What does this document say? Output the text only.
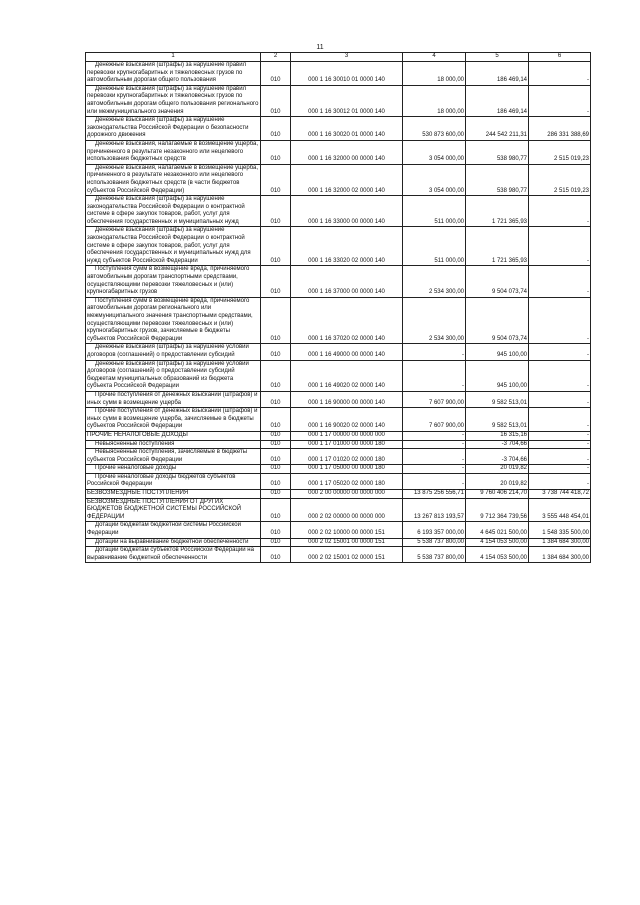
11
1	2	3	4	5	6
Денежные взыскания (штрафы) за нарушение правил перевозки крупногабаритных и тяжеловесных грузов по автомобильным дорогам общего пользования	010	000 1 16 30010 01 0000 140	18 000,00	186 469,14	-
Денежные взыскания (штрафы) за нарушение правил перевозки крупногабаритных и тяжеловесных грузов по автомобильным дорогам общего пользования регионального или межмуниципального значения	010	000 1 16 30012 01 0000 140	18 000,00	186 469,14	-
Денежные взыскания (штрафы) за нарушение законодательства Российской Федерации о безопасности дорожного движения	010	000 1 16 30020 01 0000 140	530 873 600,00	244 542 211,31	286 331 388,69
Денежные взыскания, налагаемые в возмещение ущерба, причиненного в результате незаконного или нецелевого использования бюджетных средств	010	000 1 16 32000 00 0000 140	3 054 000,00	538 980,77	2 515 019,23
Денежные взыскания, налагаемые в возмещение ущерба, причиненного в результате незаконного или нецелевого использования бюджетных средств (в части бюджетов субъектов Российской Федерации)	010	000 1 16 32000 02 0000 140	3 054 000,00	538 980,77	2 515 019,23
Денежные взыскания (штрафы) за нарушение законодательства Российской Федерации о контрактной системе в сфере закупок товаров, работ, услуг для обеспечения государственных и муниципальных нужд	010	000 1 16 33000 00 0000 140	511 000,00	1 721 365,93	-
Денежные взыскания (штрафы) за нарушение законодательства Российской Федерации о контрактной системе в сфере закупок товаров, работ, услуг для обеспечения государственных и муниципальных нужд для нужд субъектов Российской Федерации	010	000 1 16 33020 02 0000 140	511 000,00	1 721 365,93	-
Поступления сумм в возмещение вреда, причиняемого автомобильным дорогам транспортными средствами, осуществляющими перевозки тяжеловесных и (или) крупногабаритных грузов	010	000 1 16 37000 00 0000 140	2 534 300,00	9 504 073,74	-
Поступления сумм в возмещение вреда, причиняемого автомобильным дорогам регионального или межмуниципального значения транспортными средствами, осуществляющими перевозки тяжеловесных и (или) крупногабаритных грузов, зачисляемые в бюджеты субъектов Российской Федерации	010	000 1 16 37020 02 0000 140	2 534 300,00	9 504 073,74	-
Денежные взыскания (штрафы) за нарушение условий договоров (соглашений) о предоставлении субсидий	010	000 1 16 49000 00 0000 140	-	945 100,00	-
Денежные взыскания (штрафы) за нарушение условий договоров (соглашений) о предоставлении субсидий бюджетам муниципальных образований из бюджета субъекта Российской Федерации	010	000 1 16 49020 02 0000 140	-	945 100,00	-
Прочие поступления от денежных взысканий (штрафов) и иных сумм в возмещение ущерба	010	000 1 16 90000 00 0000 140	7 607 900,00	9 582 513,01	-
Прочие поступления от денежных взысканий (штрафов) и иных сумм в возмещение ущерба, зачисляемые в бюджеты субъектов Российской Федерации	010	000 1 16 90020 02 0000 140	7 607 900,00	9 582 513,01	-
ПРОЧИЕ НЕНАЛОГОВЫЕ ДОХОДЫ	010	000 1 17 00000 00 0000 000	-	16 315,16	-
Невыясненные поступления	010	000 1 17 01000 00 0000 180	-	-3 704,66	-
Невыясненные поступления, зачисляемые в бюджеты субъектов Российской Федерации	010	000 1 17 01020 02 0000 180	-	-3 704,66	-
Прочие неналоговые доходы	010	000 1 17 05000 00 0000 180	-	20 019,82	-
Прочие неналоговые доходы бюджетов субъектов Российской Федерации	010	000 1 17 05020 02 0000 180	-	20 019,82	-
БЕЗВОЗМЕЗДНЫЕ ПОСТУПЛЕНИЯ	010	000 2 00 00000 00 0000 000	13 875 256 556,71	9 760 406 214,70	3 738 744 418,72
БЕЗВОЗМЕЗДНЫЕ ПОСТУПЛЕНИЯ ОТ ДРУГИХ БЮДЖЕТОВ БЮДЖЕТНОЙ СИСТЕМЫ РОССИЙСКОЙ ФЕДЕРАЦИИ	010	000 2 02 00000 00 0000 000	13 267 813 193,57	9 712 364 739,56	3 555 448 454,01
Дотации бюджетам бюджетной системы Российской Федерации	010	000 2 02 10000 00 0000 151	6 193 357 000,00	4 645 021 500,00	1 548 335 500,00
Дотации на выравнивание бюджетной обеспеченности	010	000 2 02 15001 00 0000 151	5 538 737 800,00	4 154 053 500,00	1 384 684 300,00
Дотации бюджетам субъектов Российской Федерации на выравнивание бюджетной обеспеченности	010	000 2 02 15001 02 0000 151	5 538 737 800,00	4 154 053 500,00	1 384 684 300,00
